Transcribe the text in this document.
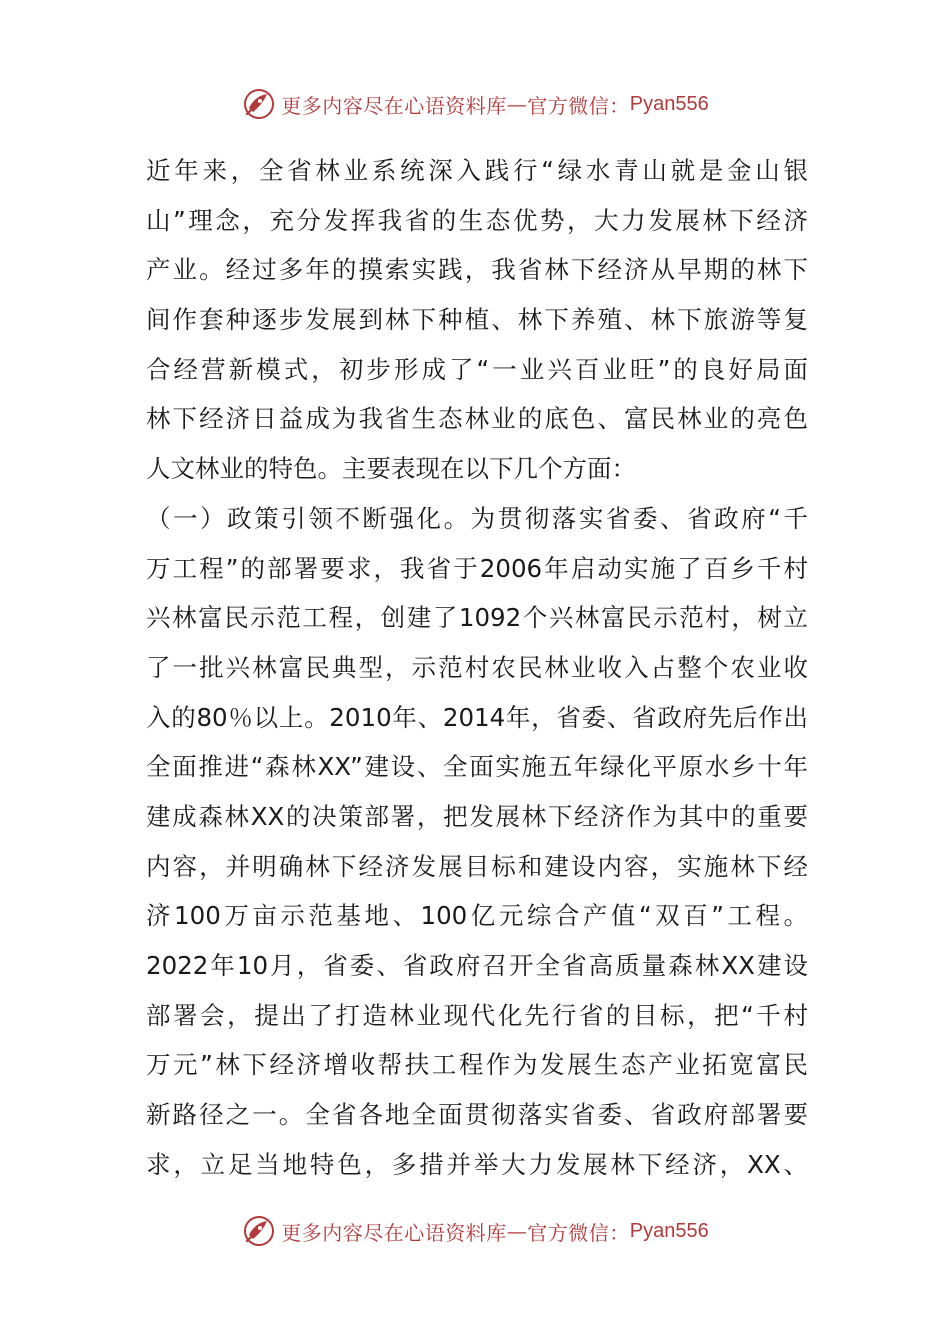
更多内容尽在心语资料库 — 官方微信： Pyan556
近年来，全省林业系统深入践行“绿水青山就是金山银
山”理念，充分发挥我省的生态优势，大力发展林下经济
产业。经过多年的摸索实践，我省林下经济从早期的林下
间作套种逐步发展到林下种植、林下养殖、林下旅游等复
合经营新模式，初步形成了“一业兴百业旺”的良好局面
林下经济日益成为我省生态林业的底色、富民林业的亮色
人文林业的特色。主要表现在以下几个方面：
（一）政策引领不断强化。为贯彻落实省委、省政府“千
万工程”的部署要求，我省于2006年启动实施了百乡千村
兴林富民示范工程，创建了1092个兴林富民示范村，树立
了一批兴林富民典型，示范村农民林业收入占整个农业收
入的80％以上。2010年、2014年，省委、省政府先后作出
全面推进“森林XX”建设、全面实施五年绿化平原水乡十年
建成森林XX的决策部署，把发展林下经济作为其中的重要
内容，并明确林下经济发展目标和建设内容，实施林下经
济100万亩示范基地、100亿元综合产值“双百”工程。
2022年10月，省委、省政府召开全省高质量森林XX建设
部署会，提出了打造林业现代化先行省的目标，把“千村
万元”林下经济增收帮扶工程作为发展生态产业拓宽富民
新路径之一。全省各地全面贯彻落实省委、省政府部署要
求，立足当地特色，多措并举大力发展林下经济，XX、
更多内容尽在心语资料库 — 官方微信： Pyan556
